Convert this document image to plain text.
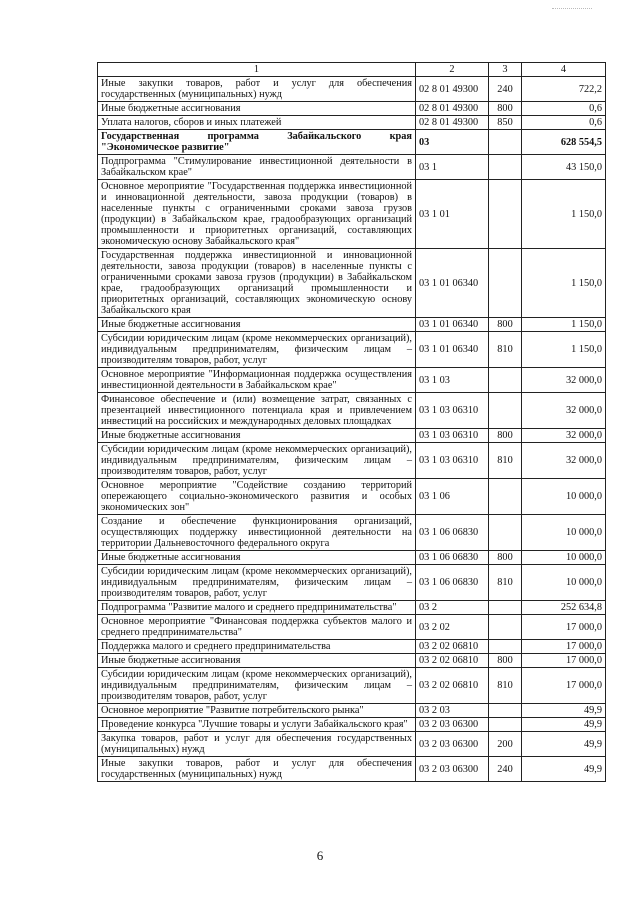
1	2	3	4
Иные закупки товаров, работ и услуг для обеспечения государственных (муниципальных) нужд	02 8 01 49300	240	722,2
Иные бюджетные ассигнования	02 8 01 49300	800	0,6
Уплата налогов, сборов и иных платежей	02 8 01 49300	850	0,6
Государственная программа Забайкальского края "Экономическое развитие"	03		628 554,5
Подпрограмма "Стимулирование инвестиционной деятельности в Забайкальском крае"	03 1		43 150,0
Основное мероприятие "Государственная поддержка инвестиционной и инновационной деятельности, завоза продукции (товаров) в населенные пункты с ограниченными сроками завоза грузов (продукции) в Забайкальском крае, градообразующих организаций промышленности и приоритетных организаций, составляющих экономическую основу Забайкальского края"	03 1 01		1 150,0
Государственная поддержка инвестиционной и инновационной деятельности, завоза продукции (товаров) в населенные пункты с ограниченными сроками завоза грузов (продукции) в Забайкальском крае, градообразующих организаций промышленности и приоритетных организаций, составляющих экономическую основу Забайкальского края	03 1 01 06340		1 150,0
Иные бюджетные ассигнования	03 1 01 06340	800	1 150,0
Субсидии юридическим лицам (кроме некоммерческих организаций), индивидуальным предпринимателям, физическим лицам – производителям товаров, работ, услуг	03 1 01 06340	810	1 150,0
Основное мероприятие "Информационная поддержка осуществления инвестиционной деятельности в Забайкальском крае"	03 1 03		32 000,0
Финансовое обеспечение и (или) возмещение затрат, связанных с презентацией инвестиционного потенциала края и привлечением инвестиций на российских и международных деловых площадках	03 1 03 06310		32 000,0
Иные бюджетные ассигнования	03 1 03 06310	800	32 000,0
Субсидии юридическим лицам (кроме некоммерческих организаций), индивидуальным предпринимателям, физическим лицам – производителям товаров, работ, услуг	03 1 03 06310	810	32 000,0
Основное мероприятие "Содействие созданию территорий опережающего социально-экономического развития и особых экономических зон"	03 1 06		10 000,0
Создание и обеспечение функционирования организаций, осуществляющих поддержку инвестиционной деятельности на территории Дальневосточного федерального округа	03 1 06 06830		10 000,0
Иные бюджетные ассигнования	03 1 06 06830	800	10 000,0
Субсидии юридическим лицам (кроме некоммерческих организаций), индивидуальным предпринимателям, физическим лицам – производителям товаров, работ, услуг	03 1 06 06830	810	10 000,0
Подпрограмма "Развитие малого и среднего предпринимательства"	03 2		252 634,8
Основное мероприятие "Финансовая поддержка субъектов малого и среднего предпринимательства"	03 2 02		17 000,0
Поддержка малого и среднего предпринимательства	03 2 02 06810		17 000,0
Иные бюджетные ассигнования	03 2 02 06810	800	17 000,0
Субсидии юридическим лицам (кроме некоммерческих организаций), индивидуальным предпринимателям, физическим лицам – производителям товаров, работ, услуг	03 2 02 06810	810	17 000,0
Основное мероприятие "Развитие потребительского рынка"	03 2 03		49,9
Проведение конкурса "Лучшие товары и услуги Забайкальского края"	03 2 03 06300		49,9
Закупка товаров, работ и услуг для обеспечения государственных (муниципальных) нужд	03 2 03 06300	200	49,9
Иные закупки товаров, работ и услуг для обеспечения государственных (муниципальных) нужд	03 2 03 06300	240	49,9
6
